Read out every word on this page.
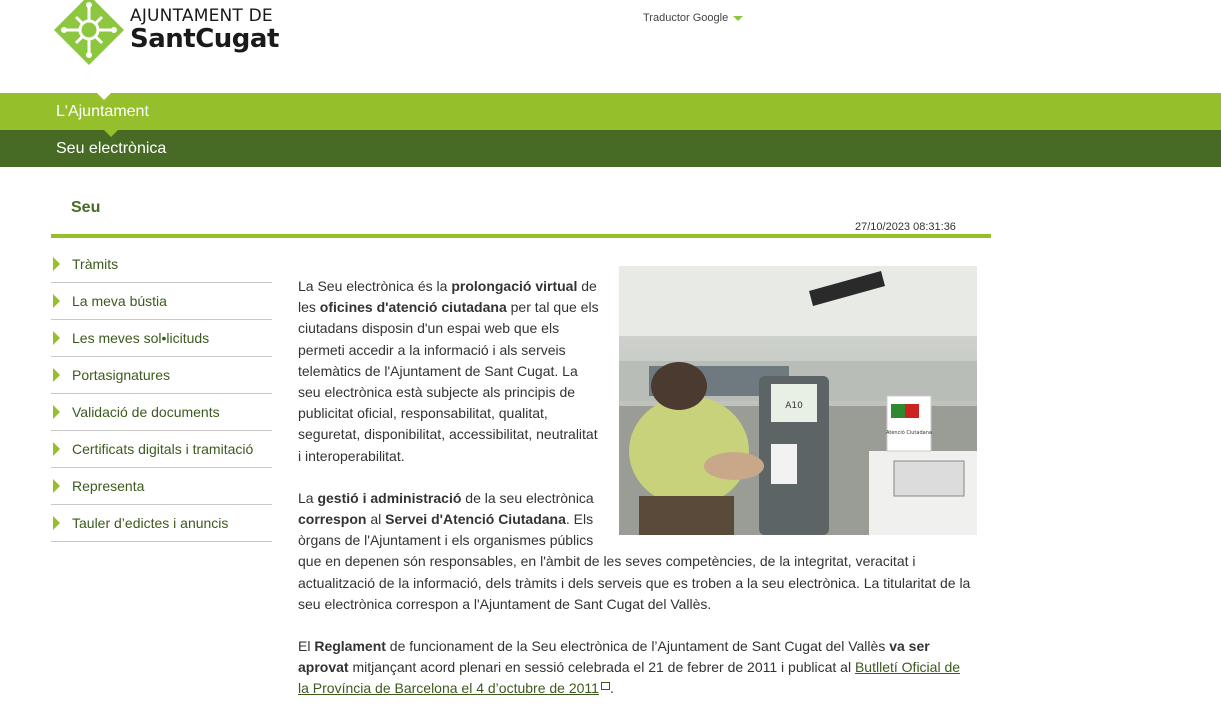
AJUNTAMENT DE
SantCugat
Traductor Google
L'Ajuntament
Seu electrònica
Seu
27/10/2023 08:31:36
Tràmits
La meva bústia
Les meves sol•licituds
Portasignatures
Validació de documents
Certificats digitals i tramitació
Representa
Tauler d’edictes i anuncis
A10
Atenció Ciutadana

La Seu electrònica és la prolongació virtual de les oficines d'atenció ciutadana per tal que els ciutadans disposin d'un espai web que els permeti accedir a la informació i als serveis telemàtics de l'Ajuntament de Sant Cugat. La seu electrònica està subjecte als principis de publicitat oficial, responsabilitat, qualitat, seguretat, disponibilitat, accessibilitat, neutralitat i interoperabilitat.

La gestió i administració de la seu electrònica correspon al Servei d'Atenció Ciutadana. Els òrgans de l'Ajuntament i els organismes públics que en depenen són responsables, en l'àmbit de les seves competències, de la integritat, veracitat i actualització de la informació, dels tràmits i dels serveis que es troben a la seu electrònica. La titularitat de la seu electrònica correspon a l'Ajuntament de Sant Cugat del Vallès.

El Reglament de funcionament de la Seu electrònica de l’Ajuntament de Sant Cugat del Vallès va ser aprovat mitjançant acord plenari en sessió celebrada el 21 de febrer de 2011 i publicat al Butlletí Oficial de la Província de Barcelona el 4 d’octubre de 2011 .
